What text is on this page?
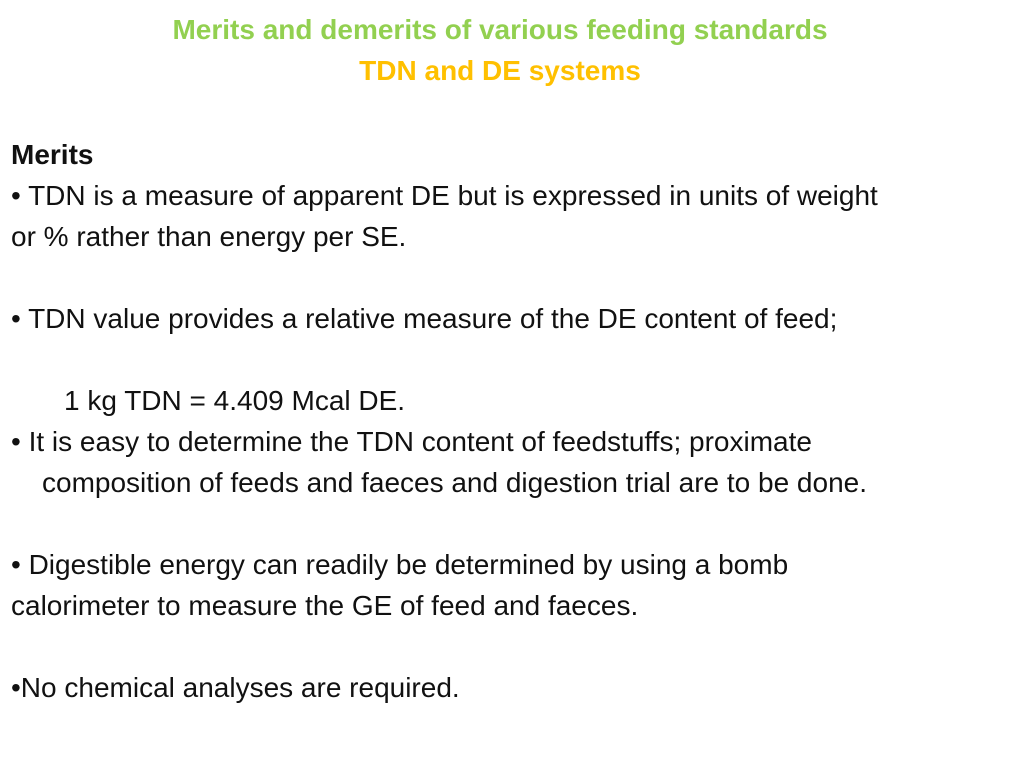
Merits and demerits of various feeding standards
TDN and DE systems
Merits
• TDN is a measure of apparent DE but is expressed in units of weight
or % rather than energy per SE.
• TDN value provides a relative measure of the DE content of feed;
1 kg TDN = 4.409 Mcal DE.
• It is easy to determine the TDN content of feedstuffs; proximate
composition of feeds and faeces and digestion trial are to be done.
• Digestible energy can readily be determined by using a bomb
calorimeter to measure the GE of feed and faeces.
•No chemical analyses are required.
